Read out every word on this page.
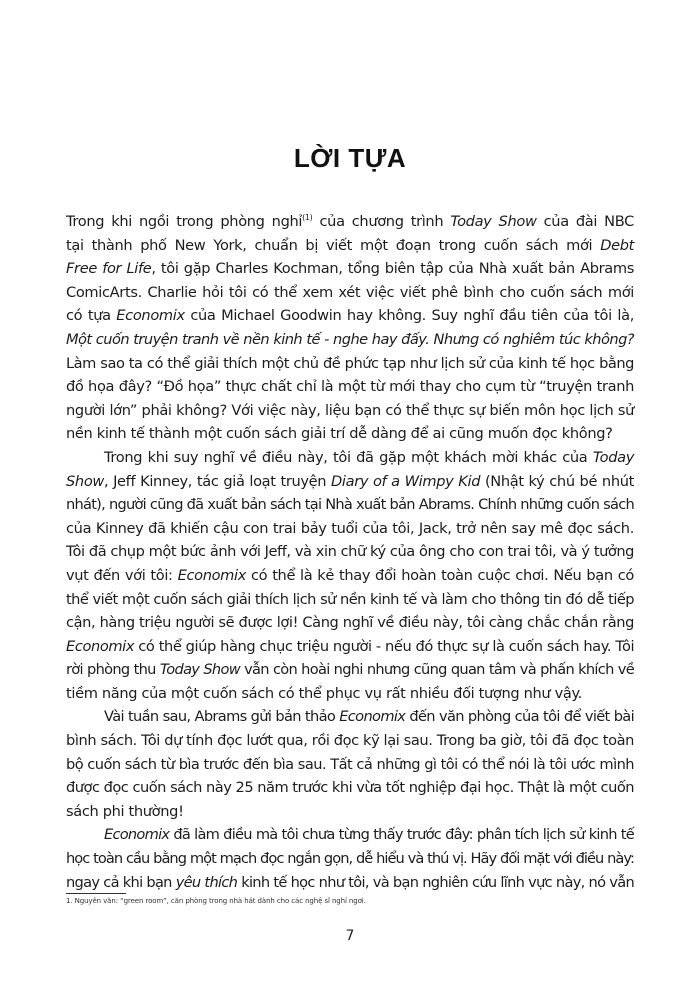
LỜI TỰA
Trong khi ngồi trong phòng nghỉ$^{(1)}$ của chương trình Today Show của đài NBC
tại thành phố New York, chuẩn bị viết một đoạn trong cuốn sách mới Debt
Free for Life, tôi gặp Charles Kochman, tổng biên tập của Nhà xuất bản Abrams
ComicArts. Charlie hỏi tôi có thể xem xét việc viết phê bình cho cuốn sách mới
có tựa Economix của Michael Goodwin hay không. Suy nghĩ đầu tiên của tôi là,
Một cuốn truyện tranh về nền kinh tế - nghe hay đấy. Nhưng có nghiêm túc không?
Làm sao ta có thể giải thích một chủ đề phức tạp như lịch sử của kinh tế học bằng
đồ họa đây? “Đồ họa” thực chất chỉ là một từ mới thay cho cụm từ “truyện tranh
người lớn” phải không? Với việc này, liệu bạn có thể thực sự biến môn học lịch sử
nền kinh tế thành một cuốn sách giải trí dễ dàng để ai cũng muốn đọc không?
Trong khi suy nghĩ về điều này, tôi đã gặp một khách mời khác của Today
Show, Jeff Kinney, tác giả loạt truyện Diary of a Wimpy Kid (Nhật ký chú bé nhút
nhát), người cũng đã xuất bản sách tại Nhà xuất bản Abrams. Chính những cuốn sách
của Kinney đã khiến cậu con trai bảy tuổi của tôi, Jack, trở nên say mê đọc sách.
Tôi đã chụp một bức ảnh với Jeff, và xin chữ ký của ông cho con trai tôi, và ý tưởng
vụt đến với tôi: Economix có thể là kẻ thay đổi hoàn toàn cuộc chơi. Nếu bạn có
thể viết một cuốn sách giải thích lịch sử nền kinh tế và làm cho thông tin đó dễ tiếp
cận, hàng triệu người sẽ được lợi! Càng nghĩ về điều này, tôi càng chắc chắn rằng
Economix có thể giúp hàng chục triệu người - nếu đó thực sự là cuốn sách hay. Tôi
rời phòng thu Today Show vẫn còn hoài nghi nhưng cũng quan tâm và phấn khích về
tiềm năng của một cuốn sách có thể phục vụ rất nhiều đối tượng như vậy.
Vài tuần sau, Abrams gửi bản thảo Economix đến văn phòng của tôi để viết bài
bình sách. Tôi dự tính đọc lướt qua, rồi đọc kỹ lại sau. Trong ba giờ, tôi đã đọc toàn
bộ cuốn sách từ bìa trước đến bìa sau. Tất cả những gì tôi có thể nói là tôi ước mình
được đọc cuốn sách này 25 năm trước khi vừa tốt nghiệp đại học. Thật là một cuốn
sách phi thường!
Economix đã làm điều mà tôi chưa từng thấy trước đây: phân tích lịch sử kinh tế
học toàn cầu bằng một mạch đọc ngắn gọn, dễ hiểu và thú vị. Hãy đối mặt với điều này:
ngay cả khi bạn yêu thích kinh tế học như tôi, và bạn nghiên cứu lĩnh vực này, nó vẫn
1. Nguyên văn: “green room”, căn phòng trong nhà hát dành cho các nghệ sĩ nghỉ ngơi.
7
